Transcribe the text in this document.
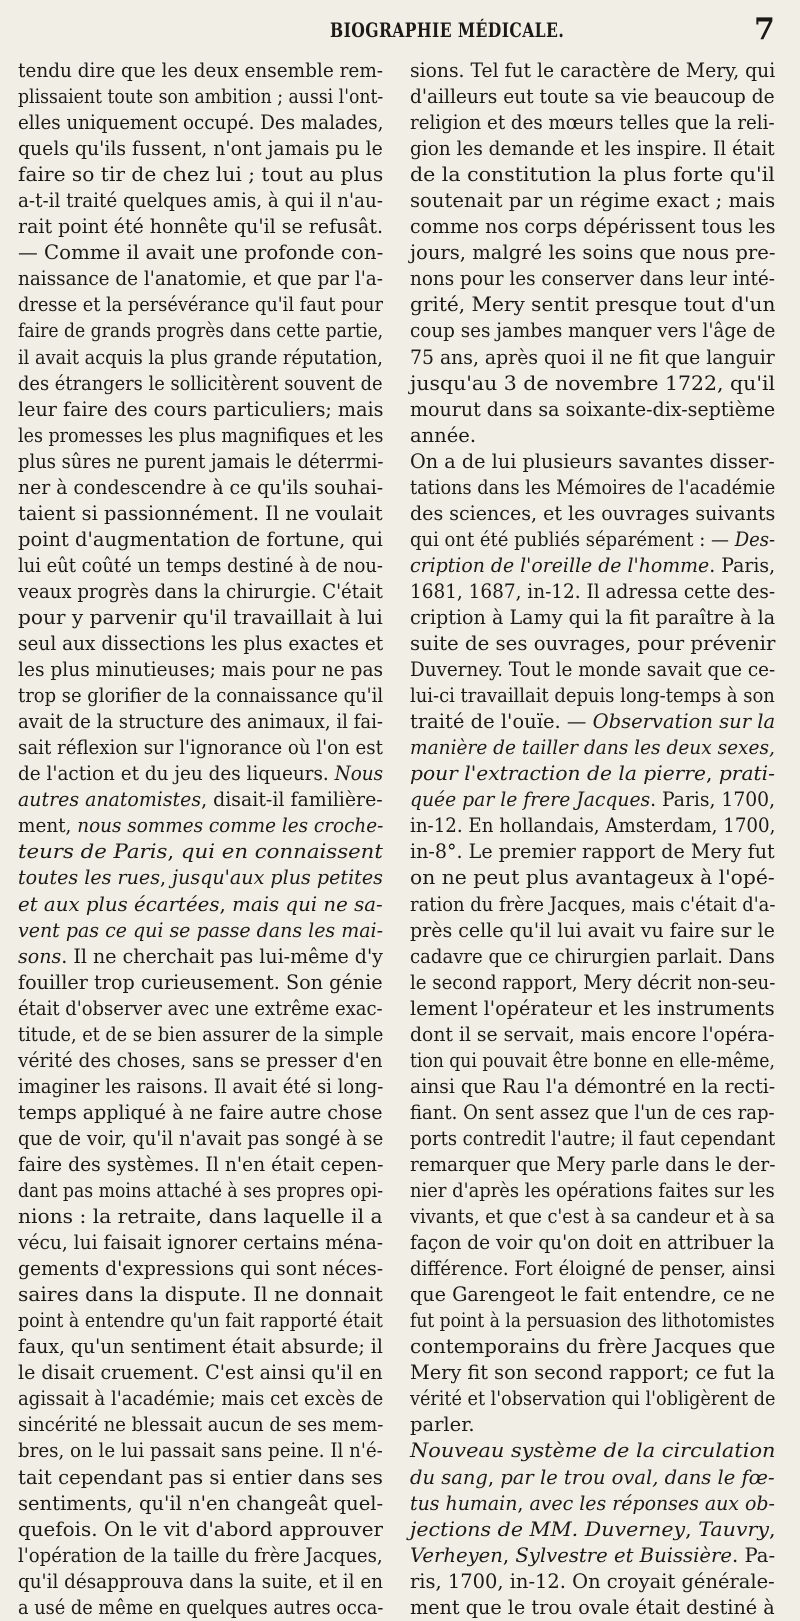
BIOGRAPHIE MÉDICALE.	7
tendu dire que les deux ensemble rem-
plissaient toute son ambition ; aussi l'ont-
elles uniquement occupé. Des malades,
quels qu'ils fussent, n'ont jamais pu le
faire so tir de chez lui ; tout au plus
a-t-il traité quelques amis, à qui il n'au-
rait point été honnête qu'il se refusât.
— Comme il avait une profonde con-
naissance de l'anatomie, et que par l'a-
dresse et la persévérance qu'il faut pour
faire de grands progrès dans cette partie,
il avait acquis la plus grande réputation,
des étrangers le sollicitèrent souvent de
leur faire des cours particuliers; mais
les promesses les plus magnifiques et les
plus sûres ne purent jamais le déterrmi-
ner à condescendre à ce qu'ils souhai-
taient si passionnément. Il ne voulait
point d'augmentation de fortune, qui
lui eût coûté un temps destiné à de nou-
veaux progrès dans la chirurgie. C'était
pour y parvenir qu'il travaillait à lui
seul aux dissections les plus exactes et
les plus minutieuses; mais pour ne pas
trop se glorifier de la connaissance qu'il
avait de la structure des animaux, il fai-
sait réflexion sur l'ignorance où l'on est
de l'action et du jeu des liqueurs. Nous
autres anatomistes, disait-il familière-
ment, nous sommes comme les croche-
teurs de Paris, qui en connaissent
toutes les rues, jusqu'aux plus petites
et aux plus écartées, mais qui ne sa-
vent pas ce qui se passe dans les mai-
sons. Il ne cherchait pas lui-même d'y
fouiller trop curieusement. Son génie
était d'observer avec une extrême exac-
titude, et de se bien assurer de la simple
vérité des choses, sans se presser d'en
imaginer les raisons. Il avait été si long-
temps appliqué à ne faire autre chose
que de voir, qu'il n'avait pas songé à se
faire des systèmes. Il n'en était cepen-
dant pas moins attaché à ses propres opi-
nions : la retraite, dans laquelle il a
vécu, lui faisait ignorer certains ména-
gements d'expressions qui sont néces-
saires dans la dispute. Il ne donnait
point à entendre qu'un fait rapporté était
faux, qu'un sentiment était absurde; il
le disait cruement. C'est ainsi qu'il en
agissait à l'académie; mais cet excès de
sincérité ne blessait aucun de ses mem-
bres, on le lui passait sans peine. Il n'é-
tait cependant pas si entier dans ses
sentiments, qu'il n'en changeât quel-
quefois. On le vit d'abord approuver
l'opération de la taille du frère Jacques,
qu'il désapprouva dans la suite, et il en
a usé de même en quelques autres occa-
sions. Tel fut le caractère de Mery, qui
d'ailleurs eut toute sa vie beaucoup de
religion et des mœurs telles que la reli-
gion les demande et les inspire. Il était
de la constitution la plus forte qu'il
soutenait par un régime exact ; mais
comme nos corps dépérissent tous les
jours, malgré les soins que nous pre-
nons pour les conserver dans leur inté-
grité, Mery sentit presque tout d'un
coup ses jambes manquer vers l'âge de
75 ans, après quoi il ne fit que languir
jusqu'au 3 de novembre 1722, qu'il
mourut dans sa soixante-dix-septième
année.
On a de lui plusieurs savantes disser-
tations dans les Mémoires de l'académie
des sciences, et les ouvrages suivants
qui ont été publiés séparément : — Des-
cription de l'oreille de l'homme. Paris,
1681, 1687, in-12. Il adressa cette des-
cription à Lamy qui la fit paraître à la
suite de ses ouvrages, pour prévenir
Duverney. Tout le monde savait que ce-
lui-ci travaillait depuis long-temps à son
traité de l'ouïe. — Observation sur la
manière de tailler dans les deux sexes,
pour l'extraction de la pierre, prati-
quée par le frere Jacques. Paris, 1700,
in-12. En hollandais, Amsterdam, 1700,
in-8°. Le premier rapport de Mery fut
on ne peut plus avantageux à l'opé-
ration du frère Jacques, mais c'était d'a-
près celle qu'il lui avait vu faire sur le
cadavre que ce chirurgien parlait. Dans
le second rapport, Mery décrit non-seu-
lement l'opérateur et les instruments
dont il se servait, mais encore l'opéra-
tion qui pouvait être bonne en elle-même,
ainsi que Rau l'a démontré en la recti-
fiant. On sent assez que l'un de ces rap-
ports contredit l'autre; il faut cependant
remarquer que Mery parle dans le der-
nier d'après les opérations faites sur les
vivants, et que c'est à sa candeur et à sa
façon de voir qu'on doit en attribuer la
différence. Fort éloigné de penser, ainsi
que Garengeot le fait entendre, ce ne
fut point à la persuasion des lithotomistes
contemporains du frère Jacques que
Mery fit son second rapport; ce fut la
vérité et l'observation qui l'obligèrent de
parler.
Nouveau système de la circulation
du sang, par le trou oval, dans le fœ-
tus humain, avec les réponses aux ob-
jections de MM. Duverney, Tauvry,
Verheyen, Sylvestre et Buissière. Pa-
ris, 1700, in-12. On croyait générale-
ment que le trou ovale était destiné à
